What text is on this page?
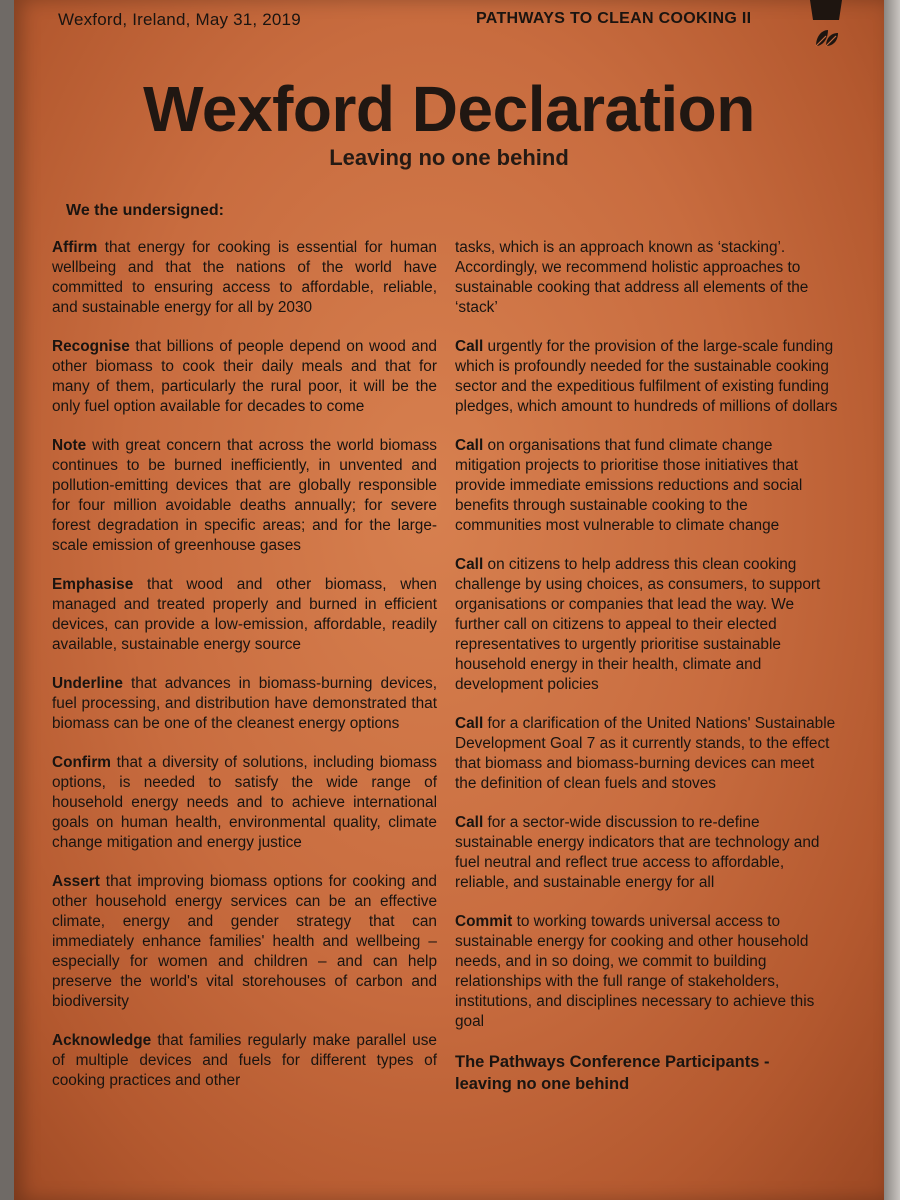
Wexford, Ireland, May 31, 2019	PATHWAYS TO CLEAN COOKING II
Wexford Declaration
Leaving no one behind
We the undersigned:

Affirm that energy for cooking is essential for human wellbeing and that the nations of the world have committed to ensuring access to affordable, reliable, and sustainable energy for all by 2030

Recognise that billions of people depend on wood and other biomass to cook their daily meals and that for many of them, particularly the rural poor, it will be the only fuel option available for decades to come

Note with great concern that across the world biomass continues to be burned inefficiently, in unvented and pollution-emitting devices that are globally responsible for four million avoidable deaths annually; for severe forest degradation in specific areas; and for the large-scale emission of greenhouse gases

Emphasise that wood and other biomass, when managed and treated properly and burned in efficient devices, can provide a low-emission, affordable, readily available, sustainable energy source

Underline that advances in biomass-burning devices, fuel processing, and distribution have demonstrated that biomass can be one of the cleanest energy options

Confirm that a diversity of solutions, including biomass options, is needed to satisfy the wide range of household energy needs and to achieve international goals on human health, environmental quality, climate change mitigation and energy justice

Assert that improving biomass options for cooking and other household energy services can be an effective climate, energy and gender strategy that can immediately enhance families' health and wellbeing – especially for women and children – and can help preserve the world's vital storehouses of carbon and biodiversity

Acknowledge that families regularly make parallel use of multiple devices and fuels for different types of cooking practices and other

tasks, which is an approach known as ‘stacking’. Accordingly, we recommend holistic approaches to sustainable cooking that address all elements of the ‘stack’

Call urgently for the provision of the large-scale funding which is profoundly needed for the sustainable cooking sector and the expeditious fulfilment of existing funding pledges, which amount to hundreds of millions of dollars

Call on organisations that fund climate change mitigation projects to prioritise those initiatives that provide immediate emissions reductions and social benefits through sustainable cooking to the communities most vulnerable to climate change

Call on citizens to help address this clean cooking challenge by using choices, as consumers, to support organisations or companies that lead the way. We further call on citizens to appeal to their elected representatives to urgently prioritise sustainable household energy in their health, climate and development policies

Call for a clarification of the United Nations' Sustainable Development Goal 7 as it currently stands, to the effect that biomass and biomass-burning devices can meet the definition of clean fuels and stoves

Call for a sector-wide discussion to re-define sustainable energy indicators that are technology and fuel neutral and reflect true access to affordable, reliable, and sustainable energy for all

Commit to working towards universal access to sustainable energy for cooking and other household needs, and in so doing, we commit to building relationships with the full range of stakeholders, institutions, and disciplines necessary to achieve this goal

The Pathways Conference Participants -
leaving no one behind
